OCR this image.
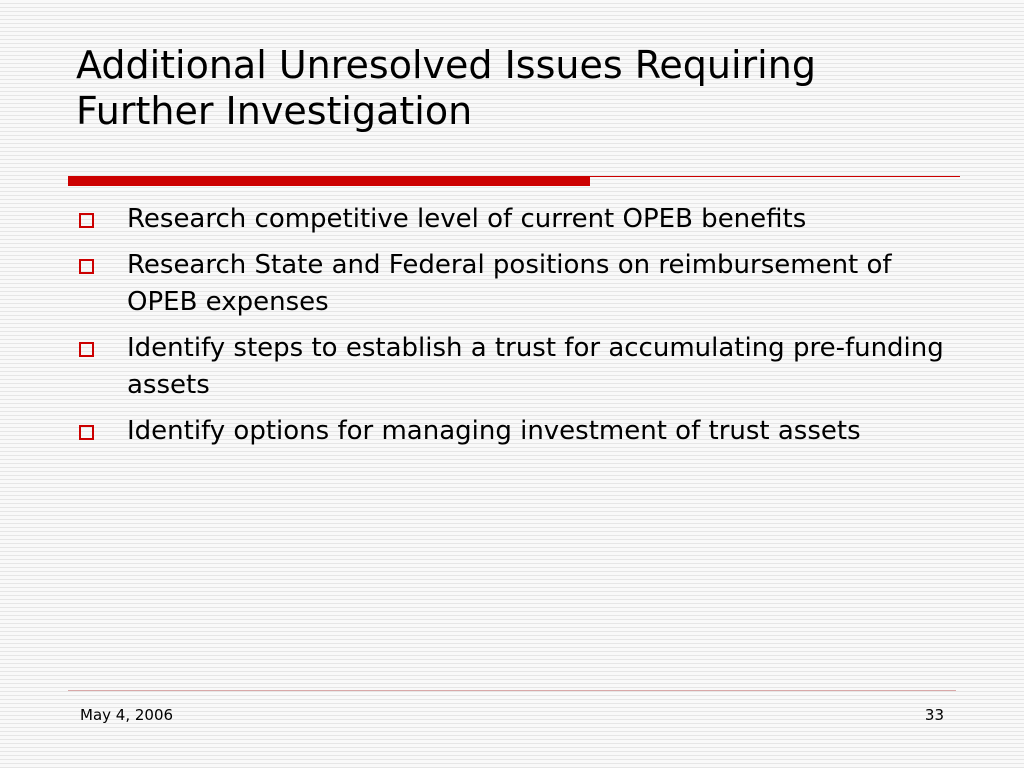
Additional Unresolved Issues Requiring
Further Investigation
Research competitive level of current OPEB benefits
Research State and Federal positions on reimbursement of OPEB expenses
Identify steps to establish a trust for accumulating pre-funding assets
Identify options for managing investment of trust assets
May 4, 2006	33
